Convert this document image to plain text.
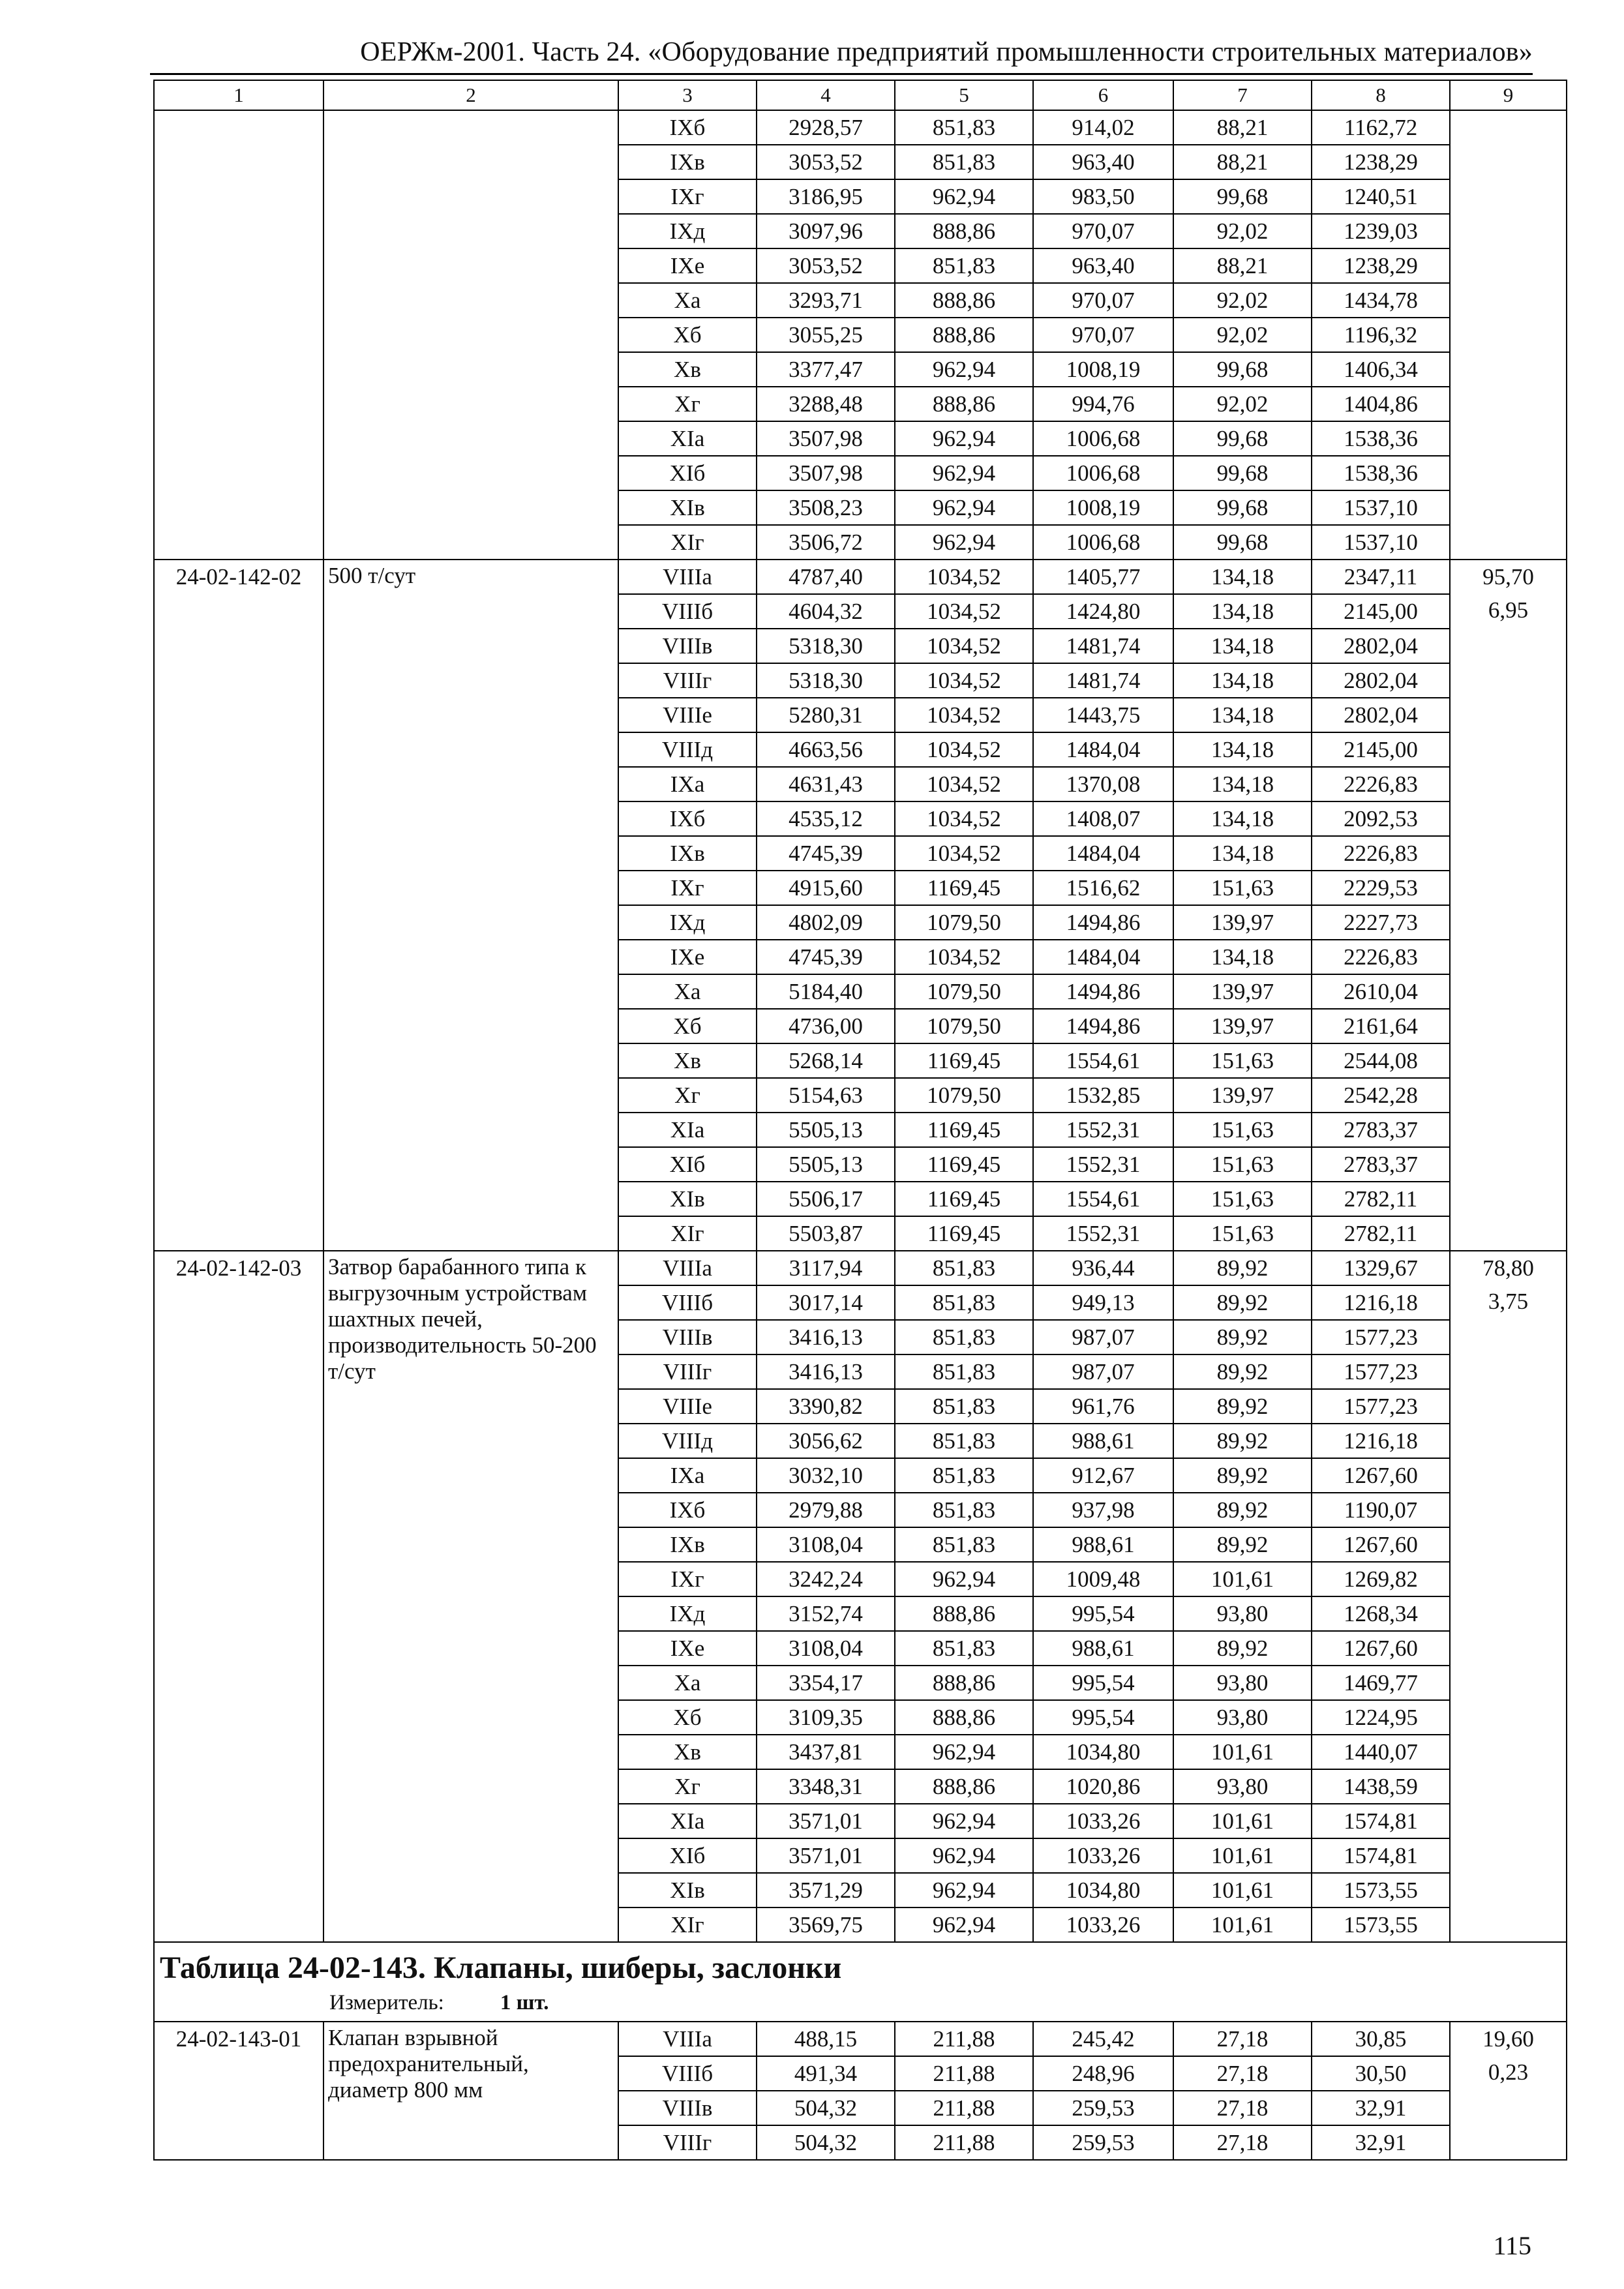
ОЕРЖм-2001. Часть 24. «Оборудование предприятий промышленности строительных материалов»
1	2	3	4	5	6	7	8	9
		IXб	2928,57	851,83	914,02	88,21	1162,72	
		IXв	3053,52	851,83	963,40	88,21	1238,29	
		IXг	3186,95	962,94	983,50	99,68	1240,51	
		IXд	3097,96	888,86	970,07	92,02	1239,03	
		IXе	3053,52	851,83	963,40	88,21	1238,29	
		Xа	3293,71	888,86	970,07	92,02	1434,78	
		Xб	3055,25	888,86	970,07	92,02	1196,32	
		Xв	3377,47	962,94	1008,19	99,68	1406,34	
		Xг	3288,48	888,86	994,76	92,02	1404,86	
		XIа	3507,98	962,94	1006,68	99,68	1538,36	
		XIб	3507,98	962,94	1006,68	99,68	1538,36	
		XIв	3508,23	962,94	1008,19	99,68	1537,10	
		XIг	3506,72	962,94	1006,68	99,68	1537,10	
24-02-142-02	500 т/сут	VIIIа	4787,40	1034,52	1405,77	134,18	2347,11	95,70
6,95

		VIIIб	4604,32	1034,52	1424,80	134,18	2145,00	
		VIIIв	5318,30	1034,52	1481,74	134,18	2802,04	
		VIIIг	5318,30	1034,52	1481,74	134,18	2802,04	
		VIIIе	5280,31	1034,52	1443,75	134,18	2802,04	
		VIIIд	4663,56	1034,52	1484,04	134,18	2145,00	
		IXа	4631,43	1034,52	1370,08	134,18	2226,83	
		IXб	4535,12	1034,52	1408,07	134,18	2092,53	
		IXв	4745,39	1034,52	1484,04	134,18	2226,83	
		IXг	4915,60	1169,45	1516,62	151,63	2229,53	
		IXд	4802,09	1079,50	1494,86	139,97	2227,73	
		IXе	4745,39	1034,52	1484,04	134,18	2226,83	
		Xа	5184,40	1079,50	1494,86	139,97	2610,04	
		Xб	4736,00	1079,50	1494,86	139,97	2161,64	
		Xв	5268,14	1169,45	1554,61	151,63	2544,08	
		Xг	5154,63	1079,50	1532,85	139,97	2542,28	
		XIа	5505,13	1169,45	1552,31	151,63	2783,37	
		XIб	5505,13	1169,45	1552,31	151,63	2783,37	
		XIв	5506,17	1169,45	1554,61	151,63	2782,11	
		XIг	5503,87	1169,45	1552,31	151,63	2782,11	
24-02-142-03	Затвор барабанного типа к выгрузочным устройствам шахтных печей, производительность 50-200 т/сут	VIIIа	3117,94	851,83	936,44	89,92	1329,67	78,80
3,75

		VIIIб	3017,14	851,83	949,13	89,92	1216,18	
		VIIIв	3416,13	851,83	987,07	89,92	1577,23	
		VIIIг	3416,13	851,83	987,07	89,92	1577,23	
		VIIIе	3390,82	851,83	961,76	89,92	1577,23	
		VIIIд	3056,62	851,83	988,61	89,92	1216,18	
		IXа	3032,10	851,83	912,67	89,92	1267,60	
		IXб	2979,88	851,83	937,98	89,92	1190,07	
		IXв	3108,04	851,83	988,61	89,92	1267,60	
		IXг	3242,24	962,94	1009,48	101,61	1269,82	
		IXд	3152,74	888,86	995,54	93,80	1268,34	
		IXе	3108,04	851,83	988,61	89,92	1267,60	
		Xа	3354,17	888,86	995,54	93,80	1469,77	
		Xб	3109,35	888,86	995,54	93,80	1224,95	
		Xв	3437,81	962,94	1034,80	101,61	1440,07	
		Xг	3348,31	888,86	1020,86	93,80	1438,59	
		XIа	3571,01	962,94	1033,26	101,61	1574,81	
		XIб	3571,01	962,94	1033,26	101,61	1574,81	
		XIв	3571,29	962,94	1034,80	101,61	1573,55	
		XIг	3569,75	962,94	1033,26	101,61	1573,55	

Таблица 24-02-143. Клапаны, шиберы, заслонки
Измеритель: 1 шт.								

24-02-143-01	Клапан взрывной предохранительный, диаметр 800 мм	VIIIа	488,15	211,88	245,42	27,18	30,85	19,60
0,23

		VIIIб	491,34	211,88	248,96	27,18	30,50	
		VIIIв	504,32	211,88	259,53	27,18	32,91	
		VIIIг	504,32	211,88	259,53	27,18	32,91	
115
